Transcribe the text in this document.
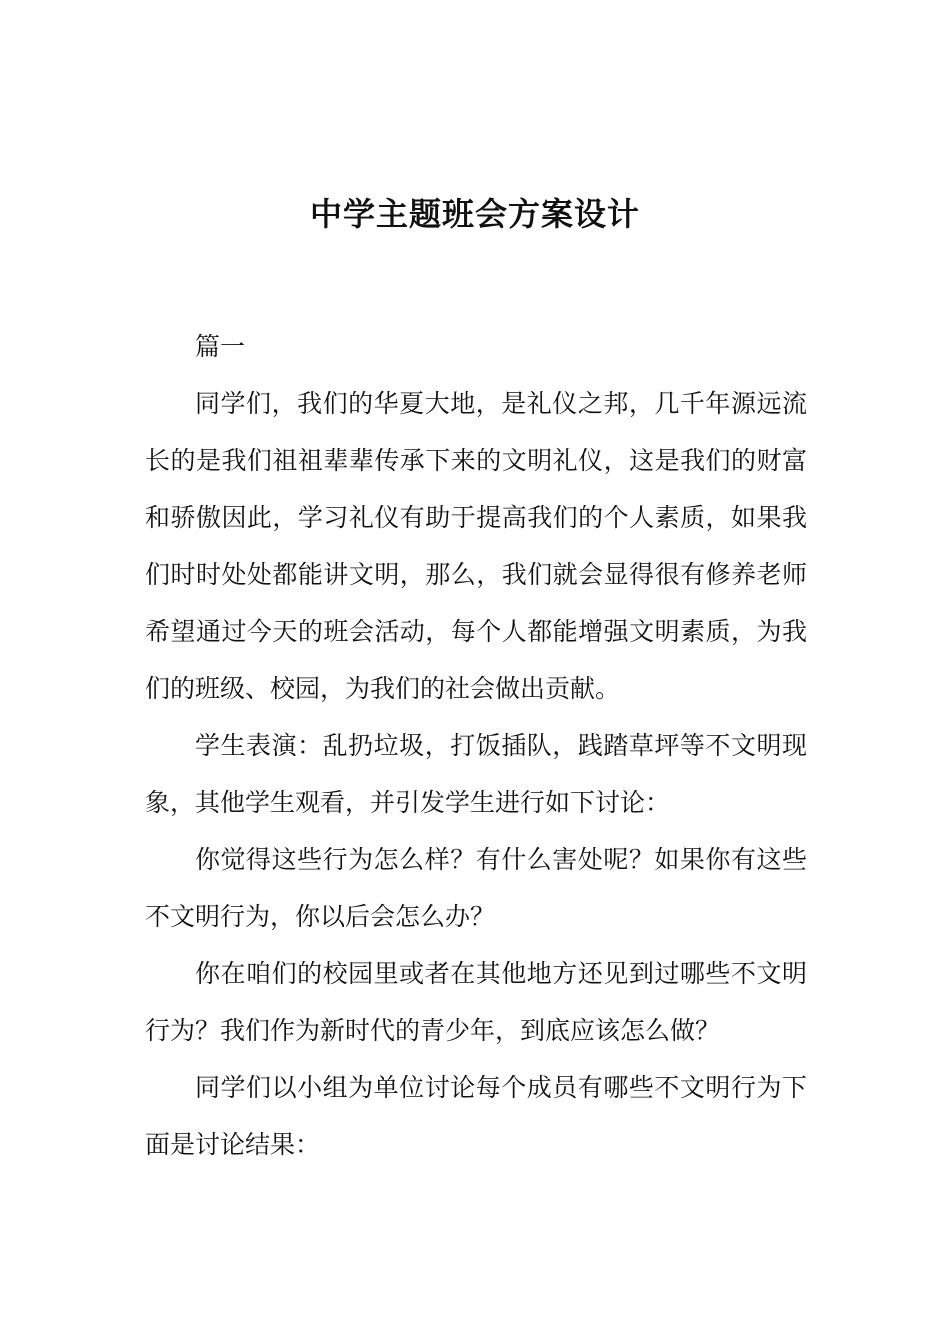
中学主题班会方案设计

篇一

同学们，我们的华夏大地，是礼仪之邦，几千年源远流长的是我们祖祖辈辈传承下来的文明礼仪，这是我们的财富和骄傲因此，学习礼仪有助于提高我们的个人素质，如果我们时时处处都能讲文明，那么，我们就会显得很有修养老师希望通过今天的班会活动，每个人都能增强文明素质，为我们的班级、校园，为我们的社会做出贡献。

学生表演：乱扔垃圾，打饭插队，践踏草坪等不文明现象，其他学生观看，并引发学生进行如下讨论：

你觉得这些行为怎么样？有什么害处呢？如果你有这些不文明行为，你以后会怎么办？

你在咱们的校园里或者在其他地方还见到过哪些不文明行为？我们作为新时代的青少年，到底应该怎么做？

同学们以小组为单位讨论每个成员有哪些不文明行为下面是讨论结果：
